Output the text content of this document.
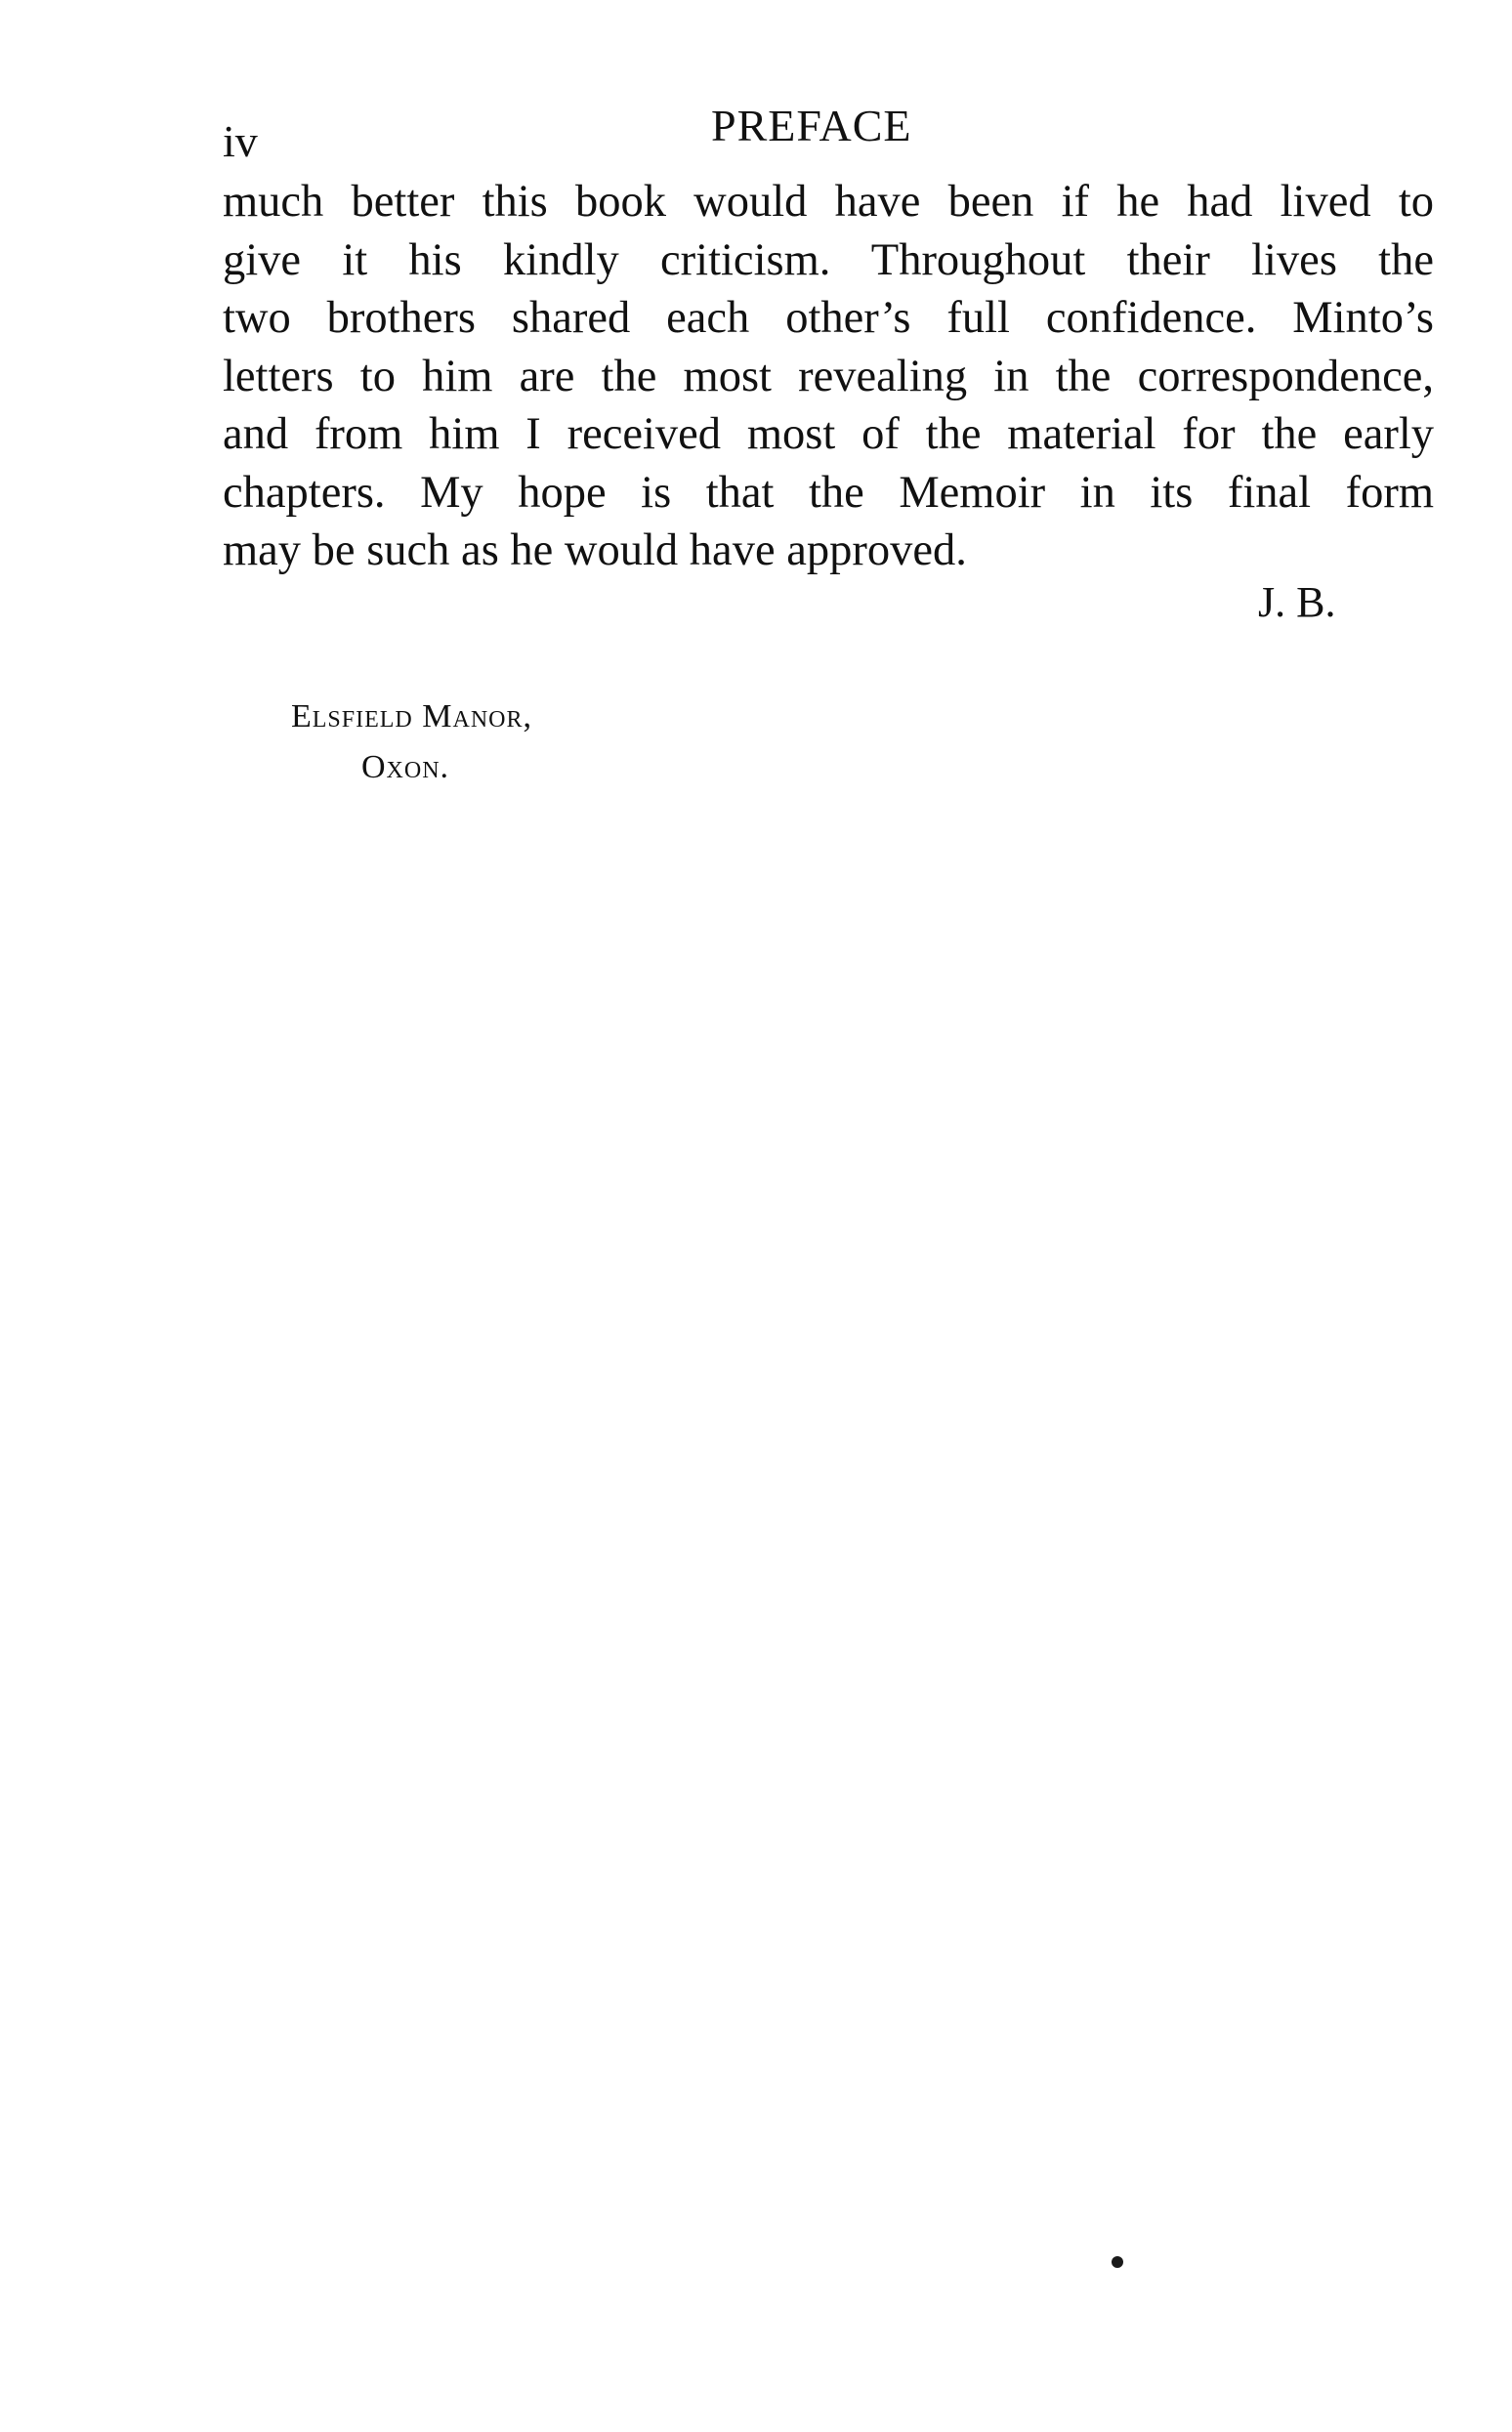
iv	PREFACE
much better this book would have been if he had lived to
give it his kindly criticism. Throughout their lives the
two brothers shared each other’s full confidence. Minto’s
letters to him are the most revealing in the correspondence,
and from him I received most of the material for the early
chapters. My hope is that the Memoir in its final form
may be such as he would have approved.
J. B.
Elsfield Manor,
Oxon.
